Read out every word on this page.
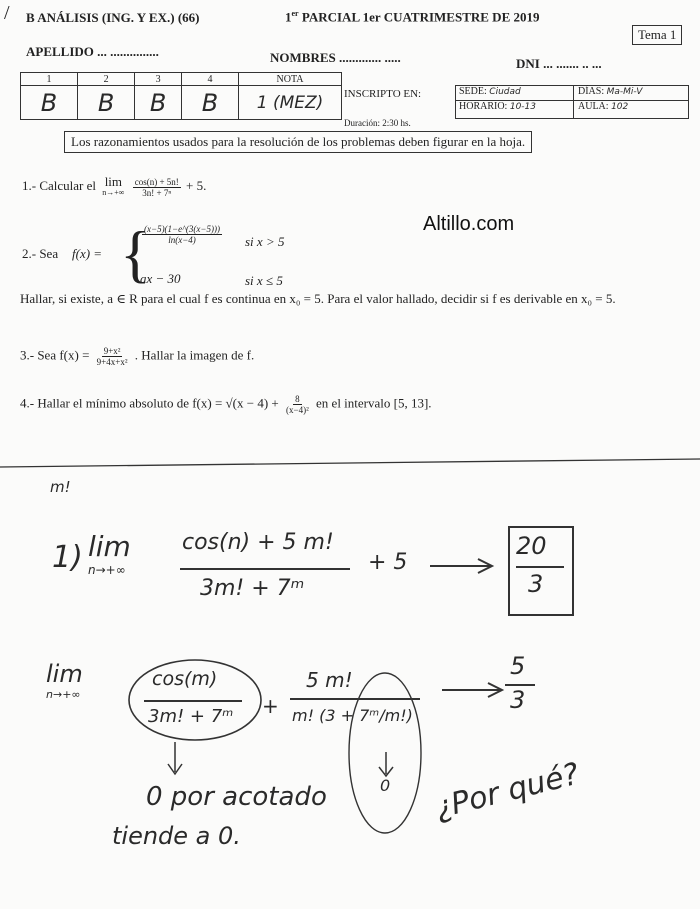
/ B ANÁLISIS (ING. Y EX.) (66)	1er PARCIAL 1er CUATRIMESTRE DE 2019
Tema 1
APELLIDO ... ...............	NOMBRES ............. .....	DNI ... ....... .. ...
1	2	3	4	NOTA
B	B	B	B	1 (MEZ) INSCRIPTO EN:
Duración: 2:30 hs.
SEDE: Ciudad	DÍAS: Ma-Mi-V
HORARIO: 10-13	AULA: 102
Los razonamientos usados para la resolución de los problemas deben figurar en la hoja.
Altillo.com
1.- Calcular el lim
n→+∞
$\frac{\cos(n) + 5n!}{\text{3n! + 7ⁿ}} + 5$.
2.- Sea f(x) = {
$\frac{(x-5)(1-e\^{}(3(x-5)))}{\ln(x-4)}$ si x > 5
ax − 30	si x ≤ 5
Hallar, si existe, a ∈ R para el cual f es continua en x₀ = 5. Para el valor hallado, decidir si f es derivable en x₀ = 5.
3.- Sea $f(x) = \frac{\text{9+x²}}{\text{9+4x+x²}}$ . Hallar la imagen de f.
4.- Hallar el mínimo absoluto de $f(x) = √(x - 4) + \frac{8}{\text{(x−4)²}}$ en el intervalo [5, 13].
m!
1) lim
n→+∞
cos(n) + 5 m!
3m! + 7ᵐ
+ 5
20
3
lim
n→+∞
cos(m)
3m! + 7ᵐ +
5 m!
m! (3 + 7ᵐ/m!)
5
3
0
0 por acotado
tiende a 0.
¿Por qué?
